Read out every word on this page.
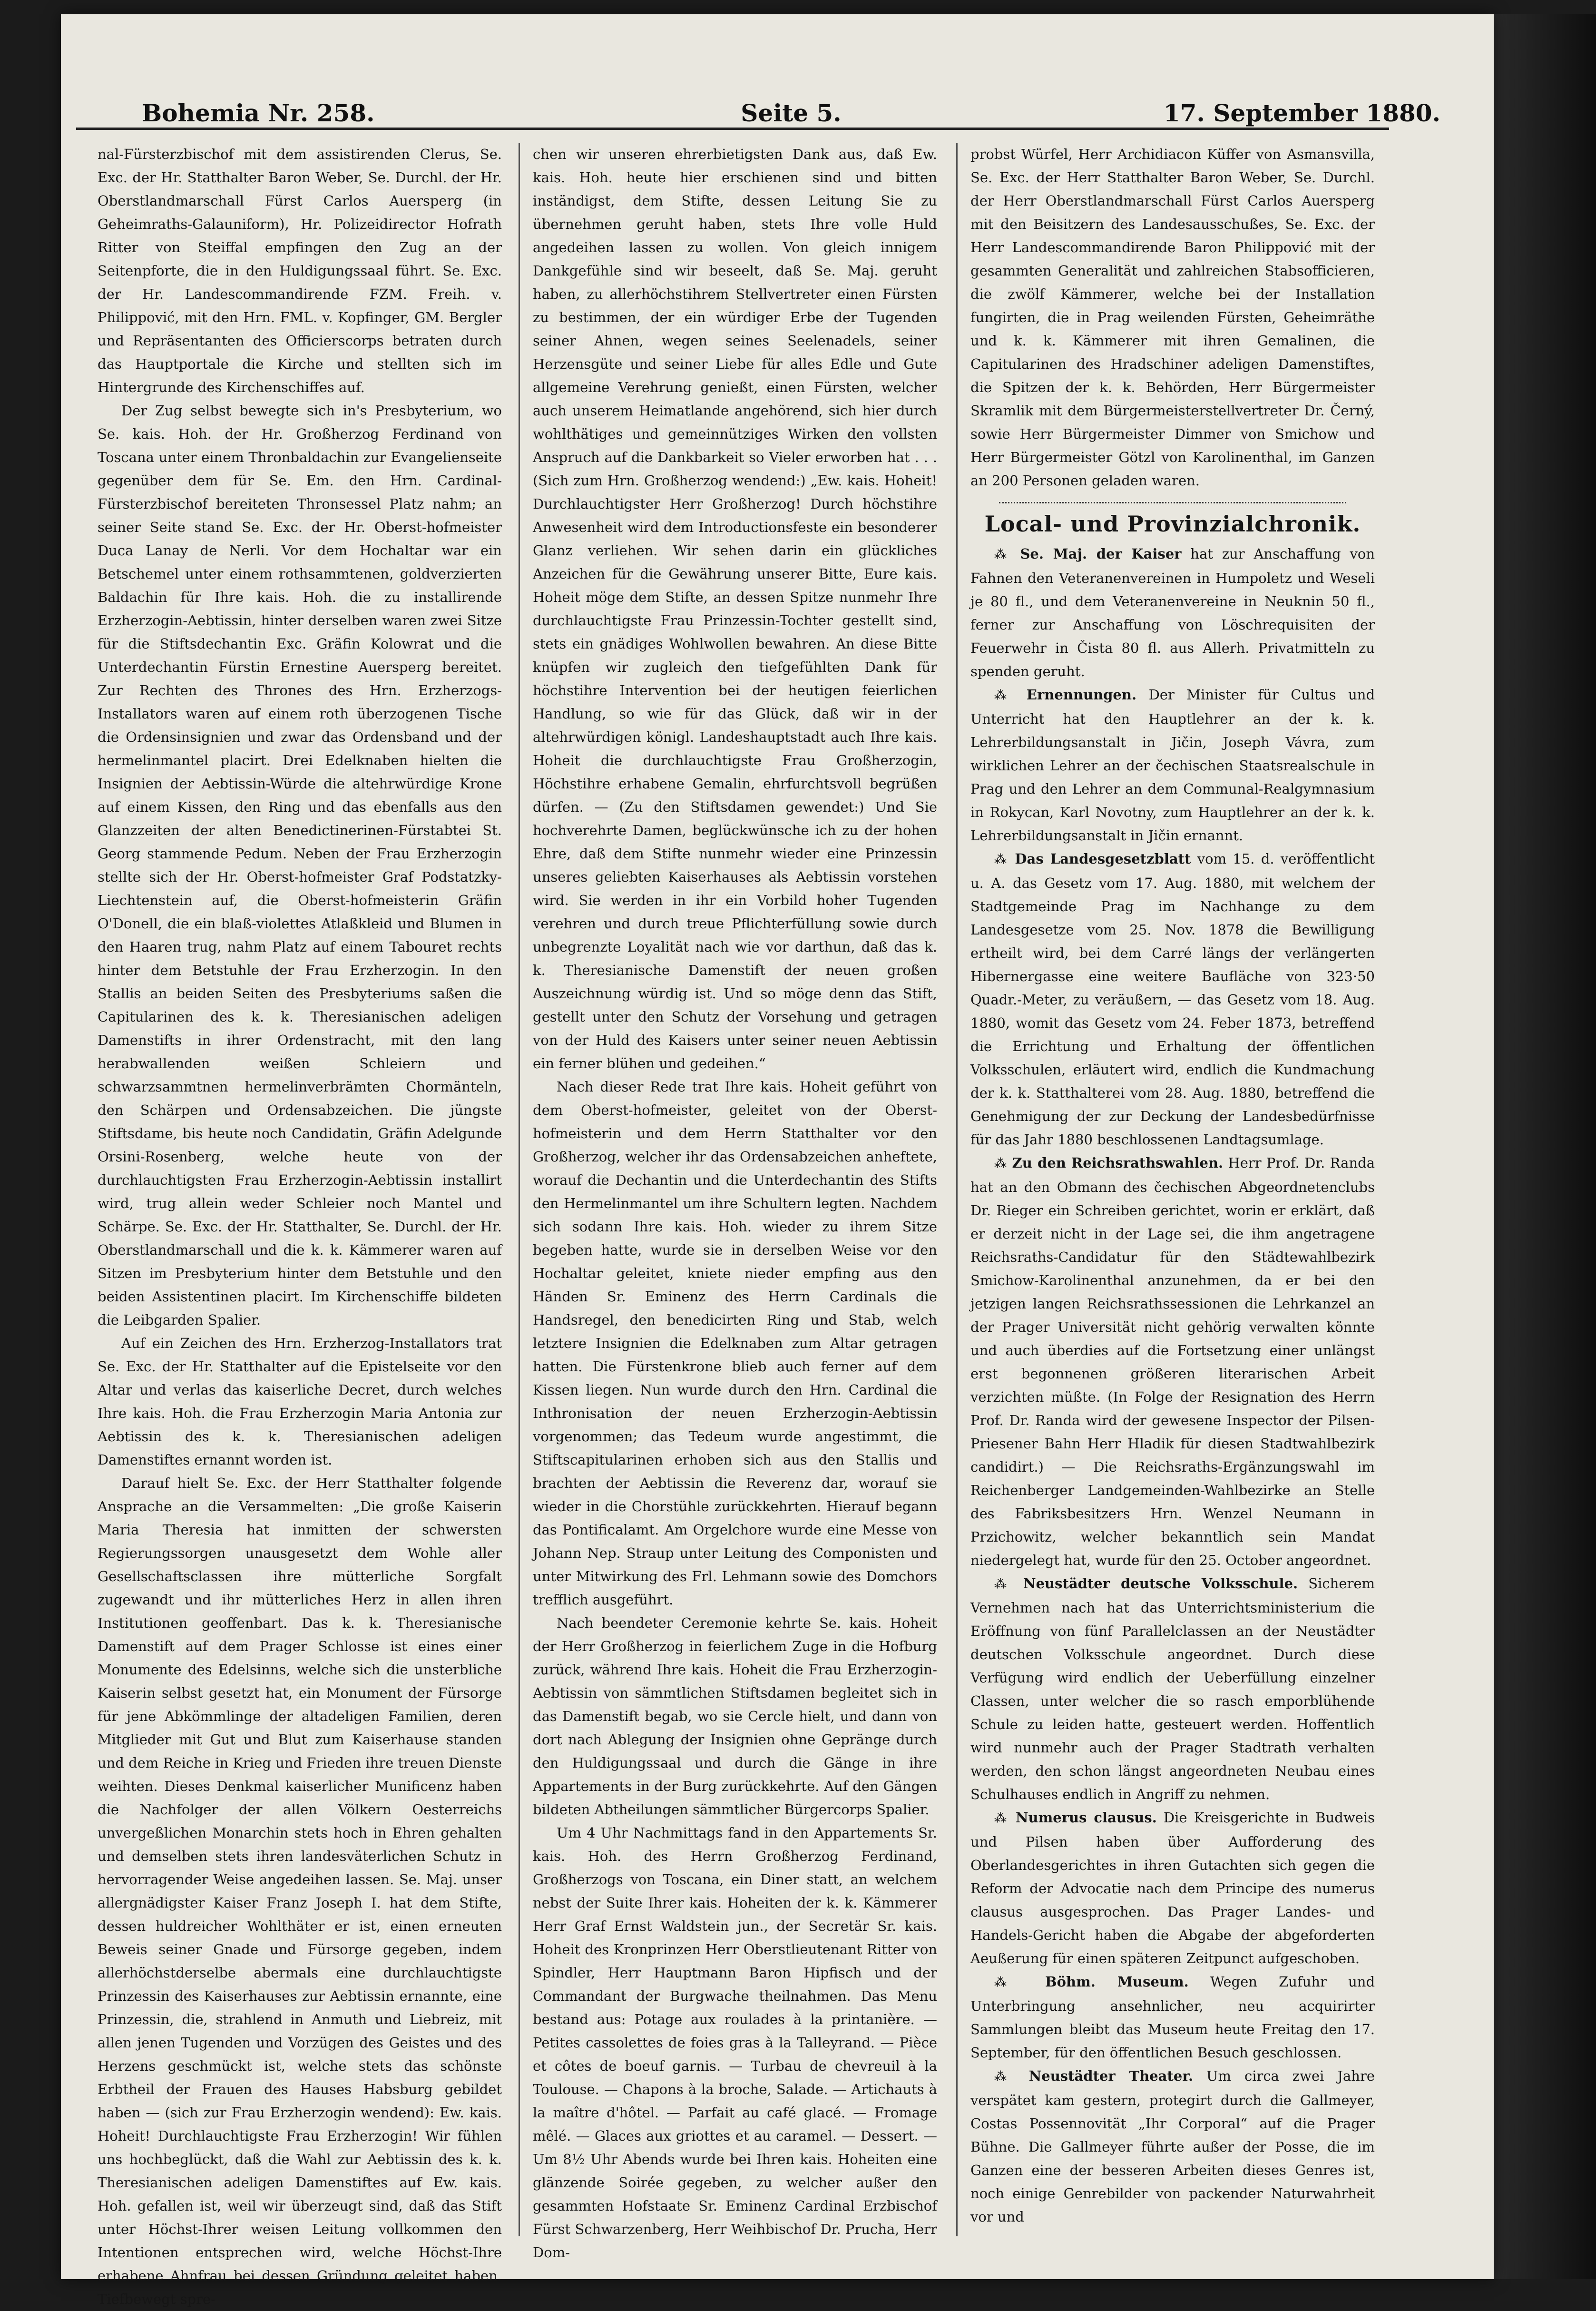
Bohemia Nr. 258.	Seite 5.	17. September 1880.

nal-Fürsterzbischof mit dem assistirenden Clerus, Se. Exc. der Hr. Statthalter Baron Weber, Se. Durchl. der Hr. Oberstlandmarschall Fürst Carlos Auersperg (in Geheimraths-Galauniform), Hr. Polizeidirector Hofrath Ritter von Steiffal empfingen den Zug an der Seitenpforte, die in den Huldigungssaal führt. Se. Exc. der Hr. Landescommandirende FZM. Freih. v. Philippović, mit den Hrn. FML. v. Kopfinger, GM. Bergler und Repräsentanten des Officierscorps betraten durch das Hauptportale die Kirche und stellten sich im Hintergrunde des Kirchenschiffes auf.

Der Zug selbst bewegte sich in's Presbyterium, wo Se. kais. Hoh. der Hr. Großherzog Ferdinand von Toscana unter einem Thronbaldachin zur Evangelienseite gegenüber dem für Se. Em. den Hrn. Cardinal-Fürsterzbischof bereiteten Thronsessel Platz nahm; an seiner Seite stand Se. Exc. der Hr. Oberst-hofmeister Duca Lanay de Nerli. Vor dem Hochaltar war ein Betschemel unter einem rothsammtenen, goldverzierten Baldachin für Ihre kais. Hoh. die zu installirende Erzherzogin-Aebtissin, hinter derselben waren zwei Sitze für die Stiftsdechantin Exc. Gräfin Kolowrat und die Unterdechantin Fürstin Ernestine Auersperg bereitet. Zur Rechten des Thrones des Hrn. Erzherzogs-Installators waren auf einem roth überzogenen Tische die Ordensinsignien und zwar das Ordensband und der hermelinmantel placirt. Drei Edelknaben hielten die Insignien der Aebtissin-Würde die altehrwürdige Krone auf einem Kissen, den Ring und das ebenfalls aus den Glanzzeiten der alten Benedictinerinen-Fürstabtei St. Georg stammende Pedum. Neben der Frau Erzherzogin stellte sich der Hr. Oberst-hofmeister Graf Podstatzky-Liechtenstein auf, die Oberst-hofmeisterin Gräfin O'Donell, die ein blaß-violettes Atlaßkleid und Blumen in den Haaren trug, nahm Platz auf einem Tabouret rechts hinter dem Betstuhle der Frau Erzherzogin. In den Stallis an beiden Seiten des Presbyteriums saßen die Capitularinen des k. k. Theresianischen adeligen Damenstifts in ihrer Ordenstracht, mit den lang herabwallenden weißen Schleiern und schwarzsammtnen hermelinverbrämten Chormänteln, den Schärpen und Ordensabzeichen. Die jüngste Stiftsdame, bis heute noch Candidatin, Gräfin Adelgunde Orsini-Rosenberg, welche heute von der durchlauchtigsten Frau Erzherzogin-Aebtissin installirt wird, trug allein weder Schleier noch Mantel und Schärpe. Se. Exc. der Hr. Statthalter, Se. Durchl. der Hr. Oberstlandmarschall und die k. k. Kämmerer waren auf Sitzen im Presbyterium hinter dem Betstuhle und den beiden Assistentinen placirt. Im Kirchenschiffe bildeten die Leibgarden Spalier.

Auf ein Zeichen des Hrn. Erzherzog-Installators trat Se. Exc. der Hr. Statthalter auf die Epistelseite vor den Altar und verlas das kaiserliche Decret, durch welches Ihre kais. Hoh. die Frau Erzherzogin Maria Antonia zur Aebtissin des k. k. Theresianischen adeligen Damenstiftes ernannt worden ist.

Darauf hielt Se. Exc. der Herr Statthalter folgende Ansprache an die Versammelten: „Die große Kaiserin Maria Theresia hat inmitten der schwersten Regierungssorgen unausgesetzt dem Wohle aller Gesellschaftsclassen ihre mütterliche Sorgfalt zugewandt und ihr mütterliches Herz in allen ihren Institutionen geoffenbart. Das k. k. Theresianische Damenstift auf dem Prager Schlosse ist eines einer Monumente des Edelsinns, welche sich die unsterbliche Kaiserin selbst gesetzt hat, ein Monument der Fürsorge für jene Abkömmlinge der altadeligen Familien, deren Mitglieder mit Gut und Blut zum Kaiserhause standen und dem Reiche in Krieg und Frieden ihre treuen Dienste weihten. Dieses Denkmal kaiserlicher Munificenz haben die Nachfolger der allen Völkern Oesterreichs unvergeßlichen Monarchin stets hoch in Ehren gehalten und demselben stets ihren landesväterlichen Schutz in hervorragender Weise angedeihen lassen. Se. Maj. unser allergnädigster Kaiser Franz Joseph I. hat dem Stifte, dessen huldreicher Wohlthäter er ist, einen erneuten Beweis seiner Gnade und Fürsorge gegeben, indem allerhöchstderselbe abermals eine durchlauchtigste Prinzessin des Kaiserhauses zur Aebtissin ernannte, eine Prinzessin, die, strahlend in Anmuth und Liebreiz, mit allen jenen Tugenden und Vorzügen des Geistes und des Herzens geschmückt ist, welche stets das schönste Erbtheil der Frauen des Hauses Habsburg gebildet haben — (sich zur Frau Erzherzogin wendend): Ew. kais. Hoheit! Durchlauchtigste Frau Erzherzogin! Wir fühlen uns hochbeglückt, daß die Wahl zur Aebtissin des k. k. Theresianischen adeligen Damenstiftes auf Ew. kais. Hoh. gefallen ist, weil wir überzeugt sind, daß das Stift unter Höchst-Ihrer weisen Leitung vollkommen den Intentionen entsprechen wird, welche Höchst-Ihre erhabene Ahnfrau bei dessen Gründung geleitet haben. Tiefbewegt spre-

chen wir unseren ehrerbietigsten Dank aus, daß Ew. kais. Hoh. heute hier erschienen sind und bitten inständigst, dem Stifte, dessen Leitung Sie zu übernehmen geruht haben, stets Ihre volle Huld angedeihen lassen zu wollen. Von gleich innigem Dankgefühle sind wir beseelt, daß Se. Maj. geruht haben, zu allerhöchstihrem Stellvertreter einen Fürsten zu bestimmen, der ein würdiger Erbe der Tugenden seiner Ahnen, wegen seines Seelenadels, seiner Herzensgüte und seiner Liebe für alles Edle und Gute allgemeine Verehrung genießt, einen Fürsten, welcher auch unserem Heimatlande angehörend, sich hier durch wohlthätiges und gemeinnütziges Wirken den vollsten Anspruch auf die Dankbarkeit so Vieler erworben hat . . . (Sich zum Hrn. Großherzog wendend:) „Ew. kais. Hoheit! Durchlauchtigster Herr Großherzog! Durch höchstihre Anwesenheit wird dem Introductionsfeste ein besonderer Glanz verliehen. Wir sehen darin ein glückliches Anzeichen für die Gewährung unserer Bitte, Eure kais. Hoheit möge dem Stifte, an dessen Spitze nunmehr Ihre durchlauchtigste Frau Prinzessin-Tochter gestellt sind, stets ein gnädiges Wohlwollen bewahren. An diese Bitte knüpfen wir zugleich den tiefgefühlten Dank für höchstihre Intervention bei der heutigen feierlichen Handlung, so wie für das Glück, daß wir in der altehrwürdigen königl. Landeshauptstadt auch Ihre kais. Hoheit die durchlauchtigste Frau Großherzogin, Höchstihre erhabene Gemalin, ehrfurchtsvoll begrüßen dürfen. — (Zu den Stiftsdamen gewendet:) Und Sie hochverehrte Damen, beglückwünsche ich zu der hohen Ehre, daß dem Stifte nunmehr wieder eine Prinzessin unseres geliebten Kaiserhauses als Aebtissin vorstehen wird. Sie werden in ihr ein Vorbild hoher Tugenden verehren und durch treue Pflichterfüllung sowie durch unbegrenzte Loyalität nach wie vor darthun, daß das k. k. Theresianische Damenstift der neuen großen Auszeichnung würdig ist. Und so möge denn das Stift, gestellt unter den Schutz der Vorsehung und getragen von der Huld des Kaisers unter seiner neuen Aebtissin ein ferner blühen und gedeihen.“

Nach dieser Rede trat Ihre kais. Hoheit geführt von dem Oberst-hofmeister, geleitet von der Oberst-hofmeisterin und dem Herrn Statthalter vor den Großherzog, welcher ihr das Ordensabzeichen anheftete, worauf die Dechantin und die Unterdechantin des Stifts den Hermelinmantel um ihre Schultern legten. Nachdem sich sodann Ihre kais. Hoh. wieder zu ihrem Sitze begeben hatte, wurde sie in derselben Weise vor den Hochaltar geleitet, kniete nieder empfing aus den Händen Sr. Eminenz des Herrn Cardinals die Handsregel, den benedicirten Ring und Stab, welch letztere Insignien die Edelknaben zum Altar getragen hatten. Die Fürstenkrone blieb auch ferner auf dem Kissen liegen. Nun wurde durch den Hrn. Cardinal die Inthronisation der neuen Erzherzogin-Aebtissin vorgenommen; das Tedeum wurde angestimmt, die Stiftscapitularinen erhoben sich aus den Stallis und brachten der Aebtissin die Reverenz dar, worauf sie wieder in die Chorstühle zurückkehrten. Hierauf begann das Pontificalamt. Am Orgelchore wurde eine Messe von Johann Nep. Straup unter Leitung des Componisten und unter Mitwirkung des Frl. Lehmann sowie des Domchors trefflich ausgeführt.

Nach beendeter Ceremonie kehrte Se. kais. Hoheit der Herr Großherzog in feierlichem Zuge in die Hofburg zurück, während Ihre kais. Hoheit die Frau Erzherzogin-Aebtissin von sämmtlichen Stiftsdamen begleitet sich in das Damenstift begab, wo sie Cercle hielt, und dann von dort nach Ablegung der Insignien ohne Gepränge durch den Huldigungssaal und durch die Gänge in ihre Appartements in der Burg zurückkehrte. Auf den Gängen bildeten Abtheilungen sämmtlicher Bürgercorps Spalier.

Um 4 Uhr Nachmittags fand in den Appartements Sr. kais. Hoh. des Herrn Großherzog Ferdinand, Großherzogs von Toscana, ein Diner statt, an welchem nebst der Suite Ihrer kais. Hoheiten der k. k. Kämmerer Herr Graf Ernst Waldstein jun., der Secretär Sr. kais. Hoheit des Kronprinzen Herr Oberstlieutenant Ritter von Spindler, Herr Hauptmann Baron Hipfisch und der Commandant der Burgwache theilnahmen. Das Menu bestand aus: Potage aux roulades à la printanière. — Petites cassolettes de foies gras à la Talleyrand. — Pièce et côtes de boeuf garnis. — Turbau de chevreuil à la Toulouse. — Chapons à la broche, Salade. — Artichauts à la maître d'hôtel. — Parfait au café glacé. — Fromage mêlé. — Glaces aux griottes et au caramel. — Dessert. — Um 8½ Uhr Abends wurde bei Ihren kais. Hoheiten eine glänzende Soirée gegeben, zu welcher außer den gesammten Hofstaate Sr. Eminenz Cardinal Erzbischof Fürst Schwarzenberg, Herr Weihbischof Dr. Prucha, Herr Dom-

probst Würfel, Herr Archidiacon Küffer von Asmansvilla, Se. Exc. der Herr Statthalter Baron Weber, Se. Durchl. der Herr Oberstlandmarschall Fürst Carlos Auersperg mit den Beisitzern des Landesausschußes, Se. Exc. der Herr Landescommandirende Baron Philippović mit der gesammten Generalität und zahlreichen Stabsofficieren, die zwölf Kämmerer, welche bei der Installation fungirten, die in Prag weilenden Fürsten, Geheimräthe und k. k. Kämmerer mit ihren Gemalinen, die Capitularinen des Hradschiner adeligen Damenstiftes, die Spitzen der k. k. Behörden, Herr Bürgermeister Skramlik mit dem Bürgermeisterstellvertreter Dr. Černý, sowie Herr Bürgermeister Dimmer von Smichow und Herr Bürgermeister Götzl von Karolinenthal, im Ganzen an 200 Personen geladen waren.

Local- und Provinzialchronik.

⁂ Se. Maj. der Kaiser hat zur Anschaffung von Fahnen den Veteranenvereinen in Humpoletz und Weseli je 80 fl., und dem Veteranenvereine in Neuknin 50 fl., ferner zur Anschaffung von Löschrequisiten der Feuerwehr in Čista 80 fl. aus Allerh. Privatmitteln zu spenden geruht.

⁂ Ernennungen. Der Minister für Cultus und Unterricht hat den Hauptlehrer an der k. k. Lehrerbildungsanstalt in Jičin, Joseph Vávra, zum wirklichen Lehrer an der čechischen Staatsrealschule in Prag und den Lehrer an dem Communal-Realgymnasium in Rokycan, Karl Novotny, zum Hauptlehrer an der k. k. Lehrerbildungsanstalt in Jičin ernannt.

⁂ Das Landesgesetzblatt vom 15. d. veröffentlicht u. A. das Gesetz vom 17. Aug. 1880, mit welchem der Stadtgemeinde Prag im Nachhange zu dem Landesgesetze vom 25. Nov. 1878 die Bewilligung ertheilt wird, bei dem Carré längs der verlängerten Hibernergasse eine weitere Baufläche von 323·50 Quadr.-Meter, zu veräußern, — das Gesetz vom 18. Aug. 1880, womit das Gesetz vom 24. Feber 1873, betreffend die Errichtung und Erhaltung der öffentlichen Volksschulen, erläutert wird, endlich die Kundmachung der k. k. Statthalterei vom 28. Aug. 1880, betreffend die Genehmigung der zur Deckung der Landesbedürfnisse für das Jahr 1880 beschlossenen Landtagsumlage.

⁂ Zu den Reichsrathswahlen. Herr Prof. Dr. Randa hat an den Obmann des čechischen Abgeordnetenclubs Dr. Rieger ein Schreiben gerichtet, worin er erklärt, daß er derzeit nicht in der Lage sei, die ihm angetragene Reichsraths-Candidatur für den Städtewahlbezirk Smichow-Karolinenthal anzunehmen, da er bei den jetzigen langen Reichsrathssessionen die Lehrkanzel an der Prager Universität nicht gehörig verwalten könnte und auch überdies auf die Fortsetzung einer unlängst erst begonnenen größeren literarischen Arbeit verzichten müßte. (In Folge der Resignation des Herrn Prof. Dr. Randa wird der gewesene Inspector der Pilsen-Priesener Bahn Herr Hladik für diesen Stadtwahlbezirk candidirt.) — Die Reichsraths-Ergänzungswahl im Reichenberger Landgemeinden-Wahlbezirke an Stelle des Fabriksbesitzers Hrn. Wenzel Neumann in Przichowitz, welcher bekanntlich sein Mandat niedergelegt hat, wurde für den 25. October angeordnet.

⁂ Neustädter deutsche Volksschule. Sicherem Vernehmen nach hat das Unterrichtsministerium die Eröffnung von fünf Parallelclassen an der Neustädter deutschen Volksschule angeordnet. Durch diese Verfügung wird endlich der Ueberfüllung einzelner Classen, unter welcher die so rasch emporblühende Schule zu leiden hatte, gesteuert werden. Hoffentlich wird nunmehr auch der Prager Stadtrath verhalten werden, den schon längst angeordneten Neubau eines Schulhauses endlich in Angriff zu nehmen.

⁂ Numerus clausus. Die Kreisgerichte in Budweis und Pilsen haben über Aufforderung des Oberlandesgerichtes in ihren Gutachten sich gegen die Reform der Advocatie nach dem Principe des numerus clausus ausgesprochen. Das Prager Landes- und Handels-Gericht haben die Abgabe der abgeforderten Aeußerung für einen späteren Zeitpunct aufgeschoben.

⁂ Böhm. Museum. Wegen Zufuhr und Unterbringung ansehnlicher, neu acquirirter Sammlungen bleibt das Museum heute Freitag den 17. September, für den öffentlichen Besuch geschlossen.

⁂ Neustädter Theater. Um circa zwei Jahre verspätet kam gestern, protegirt durch die Gallmeyer, Costas Possennovität „Ihr Corporal“ auf die Prager Bühne. Die Gallmeyer führte außer der Posse, die im Ganzen eine der besseren Arbeiten dieses Genres ist, noch einige Genrebilder von packender Naturwahrheit vor und
